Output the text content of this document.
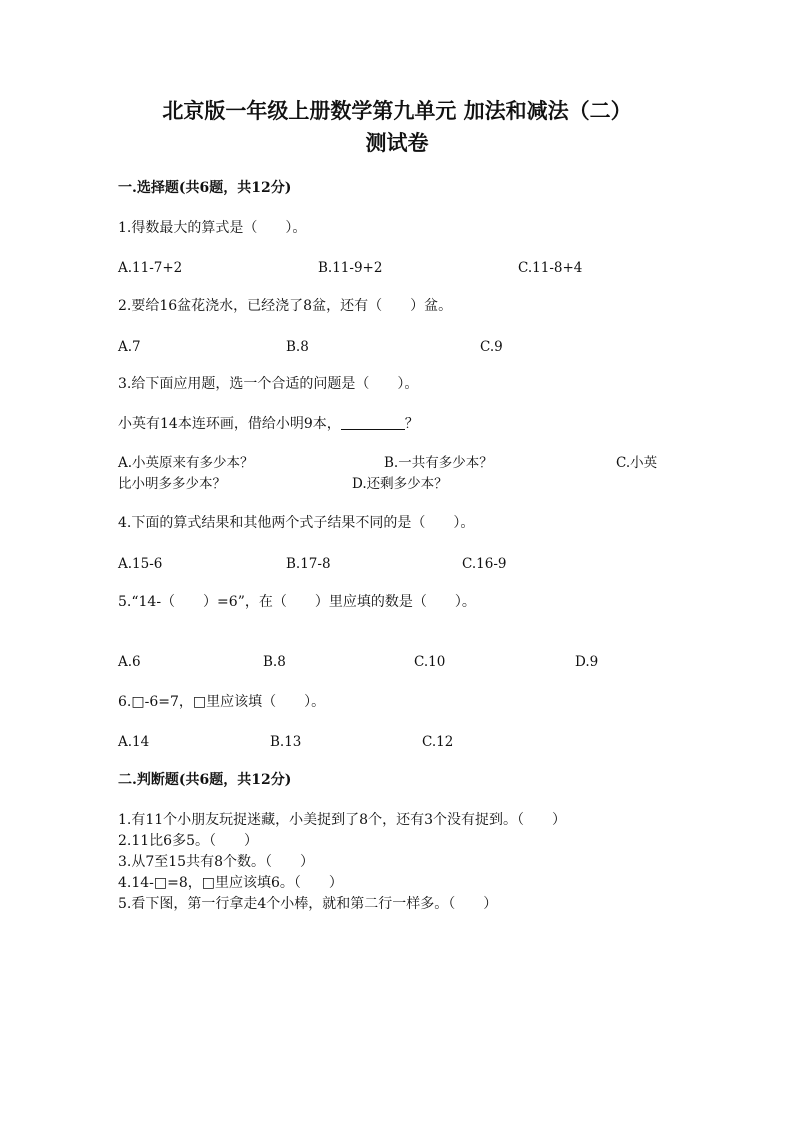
北京版一年级上册数学第九单元 加法和减法（二）
测试卷
一.选择题(共6题，共12分)
1.得数最大的算式是（　　）。
A.11-7+2	B.11-9+2	C.11-8+4
2.要给16盆花浇水，已经浇了8盆，还有（　　）盆。
A.7	B.8	C.9
3.给下面应用题，选一个合适的问题是（　　）。
小英有14本连环画，借给小明9本，	？
A.小英原来有多少本？	B.一共有多少本？	C.小英
比小明多多少本？	D.还剩多少本？
4.下面的算式结果和其他两个式子结果不同的是（　　）。
A.15-6	B.17-8	C.16-9
5.“14-（　　）=6”，在（　　）里应填的数是（　　）。
A.6	B.8	C.10	D.9
6.□-6=7，□里应该填（　　）。
A.14	B.13	C.12
二.判断题(共6题，共12分)
1.有11个小朋友玩捉迷藏，小美捉到了8个，还有3个没有捉到。（　　）
2.11比6多5。（　　）
3.从7至15共有8个数。（　　）
4.14-□=8，□里应该填6。（　　）
5.看下图，第一行拿走4个小棒，就和第二行一样多。（　　）
